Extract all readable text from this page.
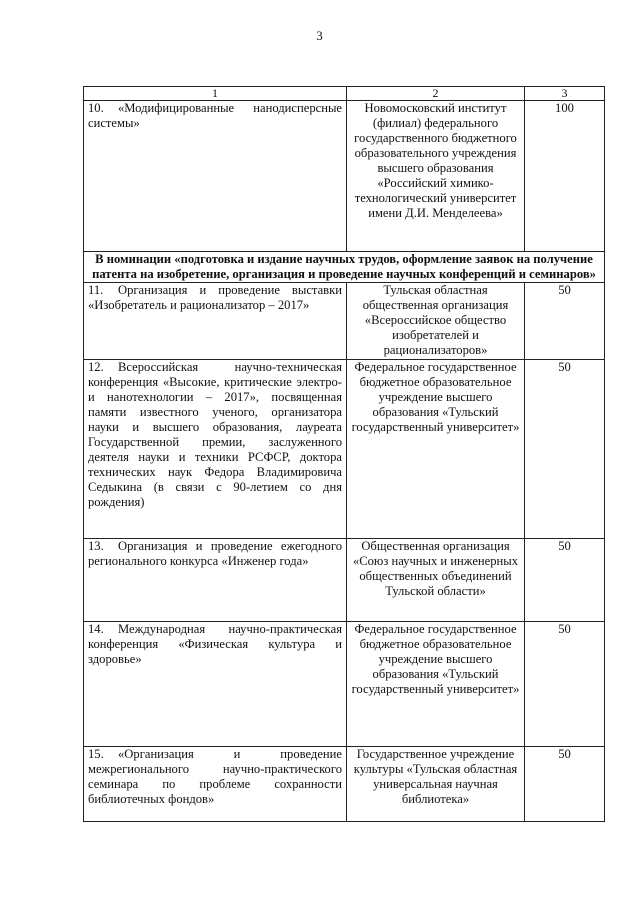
3
1	2	3
10. «Модифицированные нанодисперсные системы»	Новомосковский институт (филиал) федерального государственного бюджетного образовательного учреждения высшего образования «Российский химико-технологический университет имени Д.И. Менделеева»	100
В номинации «подготовка и издание научных трудов, оформление заявок на получение патента на изобретение, организация и проведение научных конференций и семинаров»		
11. Организация и проведение выставки «Изобретатель и рационализатор – 2017»	Тульская областная общественная организация «Всероссийское общество изобретателей и рационализаторов»	50
12. Всероссийская научно-техническая конференция «Высокие, критические электро- и нанотехнологии – 2017», посвященная памяти известного ученого, организатора науки и высшего образования, лауреата Государственной премии, заслуженного деятеля науки и техники РСФСР, доктора технических наук Федора Владимировича Седыкина (в связи с 90-летием со дня рождения)	Федеральное государственное бюджетное образовательное учреждение высшего образования «Тульский государственный университет»	50
13. Организация и проведение ежегодного регионального конкурса «Инженер года»	Общественная организация «Союз научных и инженерных общественных объединений Тульской области»	50
14. Международная научно-практическая конференция «Физическая культура и здоровье»	Федеральное государственное бюджетное образовательное учреждение высшего образования «Тульский государственный университет»	50
15. «Организация и проведение межрегионального научно-практического семинара по проблеме сохранности библиотечных фондов»	Государственное учреждение культуры «Тульская областная универсальная научная библиотека»	50
